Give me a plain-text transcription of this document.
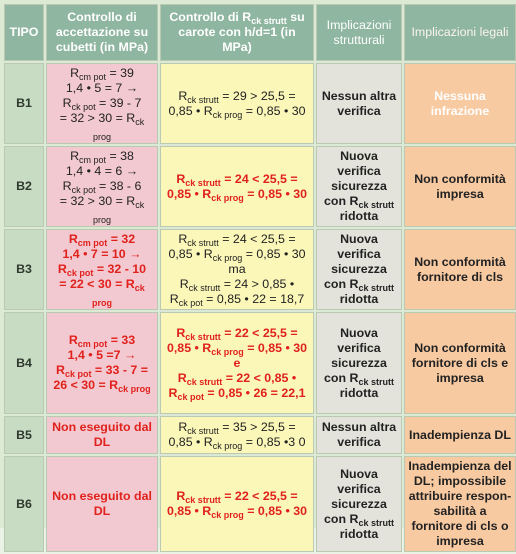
TIPO	Controllo di accettazione su cubetti (in MPa)	Controllo di $R_{ck strutt}$ su carote con h/d=1 (in MPa)	Implicazioni strutturali	Implicazioni legali
B1	$R_{cm pot} = 39$
1,4 • 5 = 7 →
$R_{ck pot} = 39 - 7$
= $32 > 30 = R_{ck prog}$	$R_{ck strutt} = 29 > 25,5$ =
0,85 • $R_{ck prog} = 0,85$ • 30	Nessun altra verifica	Nessuna infrazione
B2	$R_{cm pot} = 38$
1,4 • 4 = 6 →
$R_{ck pot} = 38 - 6$
= $32 > 30 = R_{ck prog}$	$R_{ck strutt} = 24 < 25,5$ =
0,85 • $R_{ck prog} = 0,85$ • 30	Nuova verifica sicurezza con $R_{ck strutt}$ ridotta	Non conformità impresa
B3	$R_{cm pot} = 32$
1,4 • 7 = 10 →
$R_{ck pot} = 32 - 10$
= $22 < 30 = R_{ck prog}$	$R_{ck strutt} = 24 < 25,5$ =
0,85 • $R_{ck prog} = 0,85$ • 30
ma
$R_{ck strutt} = 24 > 0,85$ •
$R_{ck pot} = 0,85$ • 22 = 18,7	Nuova verifica sicurezza con $R_{ck strutt}$ ridotta	Non conformità fornitore di cls
B4	$R_{cm pot} = 33$
1,4 • 5 =7 →
$R_{ck pot} = 33 - 7$ =
$26 < 30 = R_{ck prog}$	$R_{ck strutt} = 22 < 25,5$ =
0,85 • $R_{ck prog} = 0,85$ • 30
e
$R_{ck strutt} = 22 < 0,85$ •
$R_{ck pot} = 0,85$ • 26 = 22,1	Nuova verifica sicurezza con $R_{ck strutt}$ ridotta	Non conformità fornitore di cls e impresa
B5	Non eseguito dal DL	$R_{ck strutt} = 35 > 25,5$ =
0,85 • $R_{ck prog} = 0,85$ •3 0	Nessun altra verifica	Inadempienza DL
B6	Non eseguito dal DL	$R_{ck strutt} = 22 < 25,5$ =
0,85 • $R_{ck prog} = 0,85$ • 30	Nuova verifica sicurezza con $R_{ck strutt}$ ridotta	Inadempienza del DL; impossibile attribuire respon-sabilità a fornitore di cls o impresa
